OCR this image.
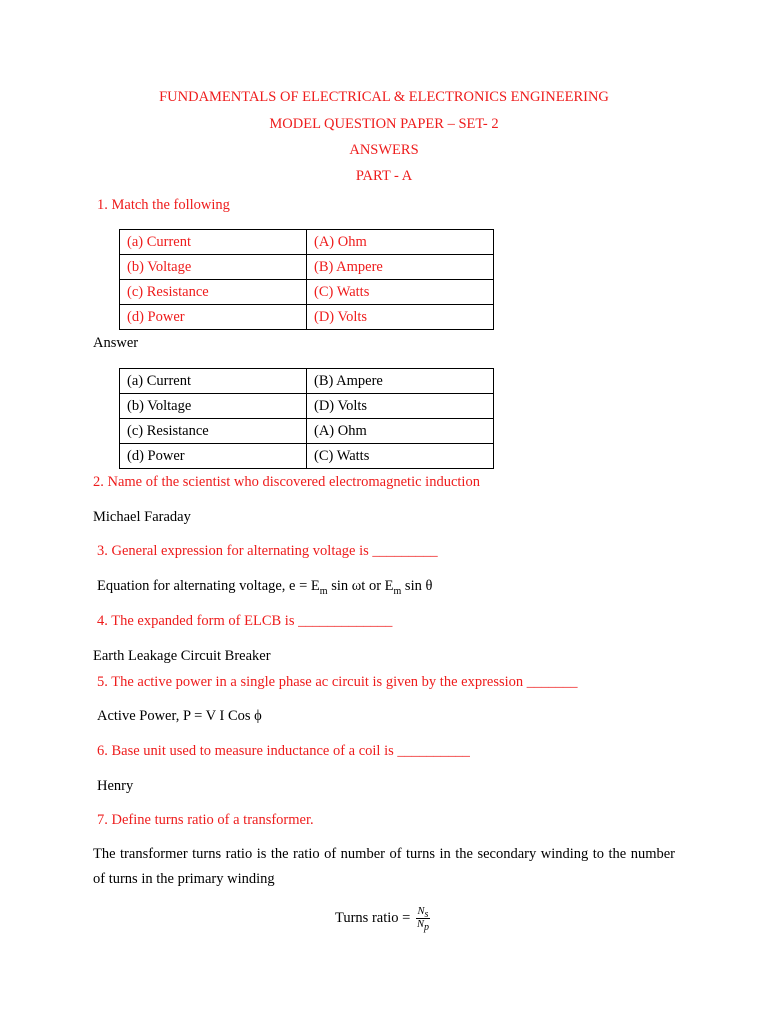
FUNDAMENTALS OF ELECTRICAL & ELECTRONICS ENGINEERING
MODEL QUESTION PAPER – SET- 2
ANSWERS
PART - A
1. Match the following
(a) Current	(A) Ohm
(b) Voltage	(B) Ampere
(c) Resistance	(C) Watts
(d) Power	(D) Volts
Answer
(a) Current	(B) Ampere
(b) Voltage	(D) Volts
(c) Resistance	(A) Ohm
(d) Power	(C) Watts
2. Name of the scientist who discovered electromagnetic induction
Michael Faraday
3. General expression for alternating voltage is _________
Equation for alternating voltage, $e = E_m$ sin ωt or $E_m$ sin θ
4. The expanded form of ELCB is _____________
Earth Leakage Circuit Breaker
5. The active power in a single phase ac circuit is given by the expression _______
Active Power, P = V I Cos ϕ
6. Base unit used to measure inductance of a coil is __________
Henry
7. Define turns ratio of a transformer.
The transformer turns ratio is the ratio of number of turns in the secondary winding to the number of turns in the primary winding
Turns ratio = $\frac{N_s}{N_p}$
